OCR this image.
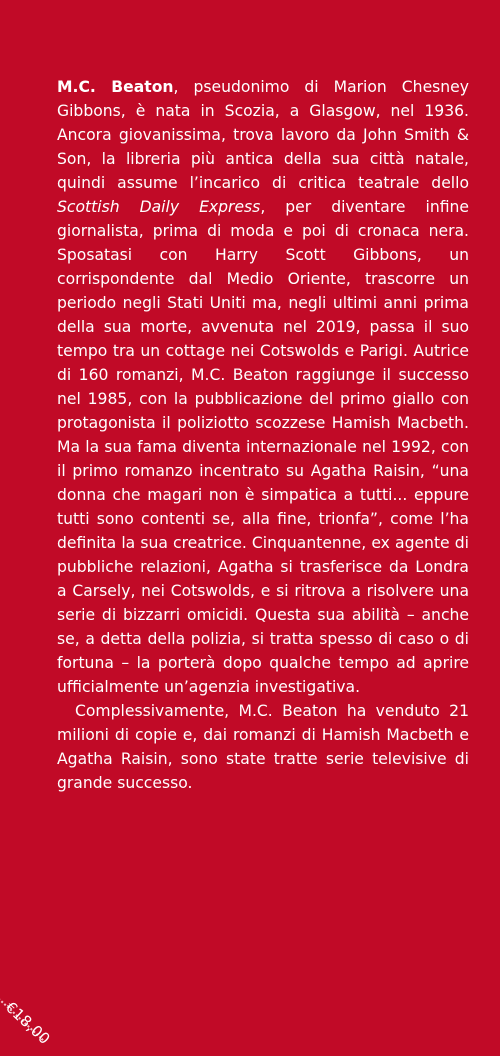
M.C. Beaton, pseudonimo di Marion Chesney Gibbons, è nata in Scozia, a Glasgow, nel 1936. Ancora giovanissima, trova lavoro da John Smith & Son, la libreria più antica della sua città natale, quindi assume l’incarico di critica teatrale dello Scottish Daily Express, per diventare infine giornalista, prima di moda e poi di cronaca nera. Sposatasi con Harry Scott Gibbons, un corrispondente dal Medio Oriente, trascorre un periodo negli Stati Uniti ma, negli ultimi anni prima della sua morte, avvenuta nel 2019, passa il suo tempo tra un cottage nei Cotswolds e Parigi. Autrice di 160 romanzi, M.C. Beaton raggiunge il successo nel 1985, con la pubblicazione del primo giallo con protagonista il poliziotto scozzese Hamish Macbeth. Ma la sua fama diventa internazionale nel 1992, con il primo romanzo incentrato su Agatha Raisin, “una donna che magari non è simpatica a tutti... eppure tutti sono contenti se, alla fine, trionfa”, come l’ha definita la sua creatrice. Cinquantenne, ex agente di pubbliche relazioni, Agatha si trasferisce da Londra a Carsely, nei Cotswolds, e si ritrova a risolvere una serie di bizzarri omicidi. Questa sua abilità – anche se, a detta della polizia, si tratta spesso di caso o di fortuna – la porterà dopo qualche tempo ad aprire ufficialmente un’agenzia investigativa.

Complessivamente, M.C. Beaton ha venduto 21 milioni di copie e, dai romanzi di Hamish Macbeth e Agatha Raisin, sono state tratte serie televisive di grande successo.

€18,00
